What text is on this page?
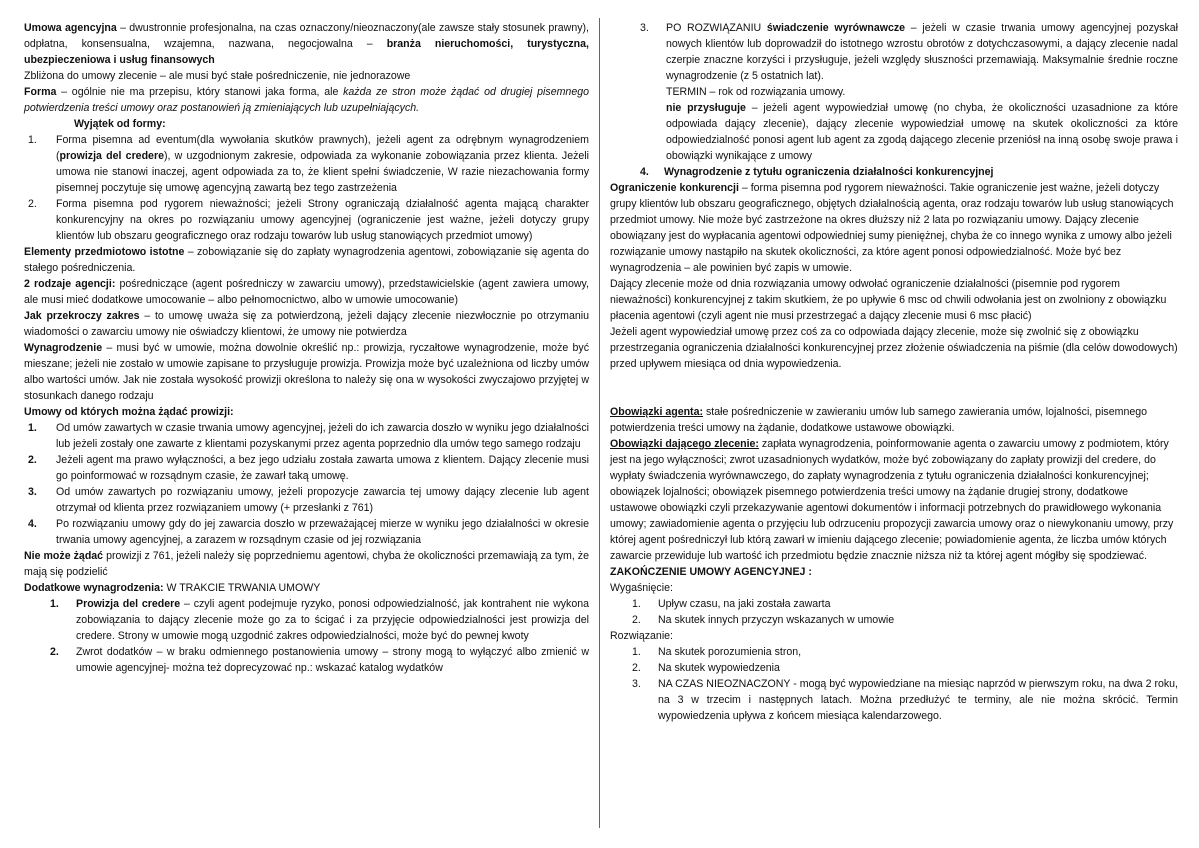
Umowa agencyjna – dwustronnie profesjonalna, na czas oznaczony/nieoznaczony(ale zawsze stały stosunek prawny), odpłatna, konsensualna, wzajemna, nazwana, negocjowalna – branża nieruchomości, turystyczna, ubezpieczeniowa i usług finansowych

Zbliżona do umowy zlecenie – ale musi być stałe pośredniczenie, nie jednorazowe

Forma – ogólnie nie ma przepisu, który stanowi jaka forma, ale każda ze stron może żądać od drugiej pisemnego potwierdzenia treści umowy oraz postanowień ją zmieniających lub uzupełniających.

Wyjątek od formy:

1.	Forma pisemna ad eventum(dla wywołania skutków prawnych), jeżeli agent za odrębnym wynagrodzeniem (prowizja del credere), w uzgodnionym zakresie, odpowiada za wykonanie zobowiązania przez klienta. Jeżeli umowa nie stanowi inaczej, agent odpowiada za to, że klient spełni świadczenie, W razie niezachowania formy pisemnej poczytuje się umowę agencyjną zawartą bez tego zastrzeżenia
2.	Forma pisemna pod rygorem nieważności; jeżeli Strony ograniczają działalność agenta mającą charakter konkurencyjny na okres po rozwiązaniu umowy agencyjnej (ograniczenie jest ważne, jeżeli dotyczy grupy klientów lub obszaru geograficznego oraz rodzaju towarów lub usług stanowiących przedmiot umowy)

Elementy przedmiotowo istotne – zobowiązanie się do zapłaty wynagrodzenia agentowi, zobowiązanie się agenta do stałego pośredniczenia.

2 rodzaje agencji: pośredniczące (agent pośredniczy w zawarciu umowy), przedstawicielskie (agent zawiera umowy, ale musi mieć dodatkowe umocowanie – albo pełnomocnictwo, albo w umowie umocowanie)

Jak przekroczy zakres – to umowę uważa się za potwierdzoną, jeżeli dający zlecenie niezwłocznie po otrzymaniu wiadomości o zawarciu umowy nie oświadczy klientowi, że umowy nie potwierdza

Wynagrodzenie – musi być w umowie, można dowolnie określić np.: prowizja, ryczałtowe wynagrodzenie, może być mieszane; jeżeli nie zostało w umowie zapisane to przysługuje prowizja. Prowizja może być uzależniona od liczby umów albo wartości umów. Jak nie została wysokość prowizji określona to należy się ona w wysokości zwyczajowo przyjętej w stosunkach danego rodzaju

Umowy od których można żądać prowizji:

1.	Od umów zawartych w czasie trwania umowy agencyjnej, jeżeli do ich zawarcia doszło w wyniku jego działalności lub jeżeli zostały one zawarte z klientami pozyskanymi przez agenta poprzednio dla umów tego samego rodzaju
2.	Jeżeli agent ma prawo wyłączności, a bez jego udziału została zawarta umowa z klientem. Dający zlecenie musi go poinformować w rozsądnym czasie, że zawarł taką umowę.
3.	Od umów zawartych po rozwiązaniu umowy, jeżeli propozycje zawarcia tej umowy dający zlecenie lub agent otrzymał od klienta przez rozwiązaniem umowy (+ przesłanki z 761)
4.	Po rozwiązaniu umowy gdy do jej zawarcia doszło w przeważającej mierze w wyniku jego działalności w okresie trwania umowy agencyjnej, a zarazem w rozsądnym czasie od jej rozwiązania

Nie może żądać prowizji z 761, jeżeli należy się poprzedniemu agentowi, chyba że okoliczności przemawiają za tym, że mają się podzielić

Dodatkowe wynagrodzenia: W TRAKCIE TRWANIA UMOWY

1.	Prowizja del credere – czyli agent podejmuje ryzyko, ponosi odpowiedzialność, jak kontrahent nie wykona zobowiązania to dający zlecenie może go za to ścigać i za przyjęcie odpowiedzialności jest prowizja del credere. Strony w umowie mogą uzgodnić zakres odpowiedzialności, może być do pewnej kwoty
2.	Zwrot dodatków – w braku odmiennego postanowienia umowy – strony mogą to wyłączyć albo zmienić w umowie agencyjnej- można też doprecyzować np.: wskazać katalog wydatków
3.	PO ROZWIĄZANIU świadczenie wyrównawcze – jeżeli w czasie trwania umowy agencyjnej pozyskał nowych klientów lub doprowadził do istotnego wzrostu obrotów z dotychczasowymi, a dający zlecenie nadal czerpie znaczne korzyści i przysługuje, jeżeli względy słuszności przemawiają. Maksymalnie średnie roczne wynagrodzenie (z 5 ostatnich lat).

TERMIN – rok od rozwiązania umowy.

nie przysługuje – jeżeli agent wypowiedział umowę (no chyba, że okoliczności uzasadnione za które odpowiada dający zlecenie), dający zlecenie wypowiedział umowę na skutek okoliczności za które odpowiedzialność ponosi agent lub agent za zgodą dającego zlecenie przeniósł na inną osobę swoje prawa i obowiązki wynikające z umowy

4.	Wynagrodzenie z tytułu ograniczenia działalności konkurencyjnej

Ograniczenie konkurencji – forma pisemna pod rygorem nieważności. Takie ograniczenie jest ważne, jeżeli dotyczy grupy klientów lub obszaru geograficznego, objętych działalnością agenta, oraz rodzaju towarów lub usług stanowiących przedmiot umowy. Nie może być zastrzeżone na okres dłuższy niż 2 lata po rozwiązaniu umowy. Dający zlecenie obowiązany jest do wypłacania agentowi odpowiedniej sumy pieniężnej, chyba że co innego wynika z umowy albo jeżeli rozwiązanie umowy nastąpiło na skutek okoliczności, za które agent ponosi odpowiedzialność. Może być bez wynagrodzenia – ale powinien być zapis w umowie.

Dający zlecenie może od dnia rozwiązania umowy odwołać ograniczenie działalności (pisemnie pod rygorem nieważności) konkurencyjnej z takim skutkiem, że po upływie 6 msc od chwili odwołania jest on zwolniony z obowiązku płacenia agentowi (czyli agent nie musi przestrzegać a dający zlecenie musi 6 msc płacić)

Jeżeli agent wypowiedział umowę przez coś za co odpowiada dający zlecenie, może się zwolnić się z obowiązku przestrzegania ograniczenia działalności konkurencyjnej przez złożenie oświadczenia na piśmie (dla celów dowodowych) przed upływem miesiąca od dnia wypowiedzenia.

Obowiązki agenta: stałe pośredniczenie w zawieraniu umów lub samego zawierania umów, lojalności, pisemnego potwierdzenia treści umowy na żądanie, dodatkowe ustawowe obowiązki.

Obowiązki dającego zlecenie: zapłata wynagrodzenia, poinformowanie agenta o zawarciu umowy z podmiotem, który jest na jego wyłączności; zwrot uzasadnionych wydatków, może być zobowiązany do zapłaty prowizji del credere, do wypłaty świadczenia wyrównawczego, do zapłaty wynagrodzenia z tytułu ograniczenia działalności konkurencyjnej; obowiązek lojalności; obowiązek pisemnego potwierdzenia treści umowy na żądanie drugiej strony, dodatkowe ustawowe obowiązki czyli przekazywanie agentowi dokumentów i informacji potrzebnych do prawidłowego wykonania umowy; zawiadomienie agenta o przyjęciu lub odrzuceniu propozycji zawarcia umowy oraz o niewykonaniu umowy, przy której agent pośredniczył lub którą zawarł w imieniu dającego zlecenie; powiadomienie agenta, że liczba umów których zawarcie przewiduje lub wartość ich przedmiotu będzie znacznie niższa niż ta której agent mógłby się spodziewać.

ZAKOŃCZENIE UMOWY AGENCYJNEJ :

Wygaśnięcie:

1.	Upływ czasu, na jaki została zawarta
2.	Na skutek innych przyczyn wskazanych w umowie

Rozwiązanie:

1.	Na skutek porozumienia stron,
2.	Na skutek wypowiedzenia
3.	NA CZAS NIEOZNACZONY - mogą być wypowiedziane na miesiąc naprzód w pierwszym roku, na dwa 2 roku, na 3 w trzecim i następnych latach. Można przedłużyć te terminy, ale nie można skrócić. Termin wypowiedzenia upływa z końcem miesiąca kalendarzowego.
